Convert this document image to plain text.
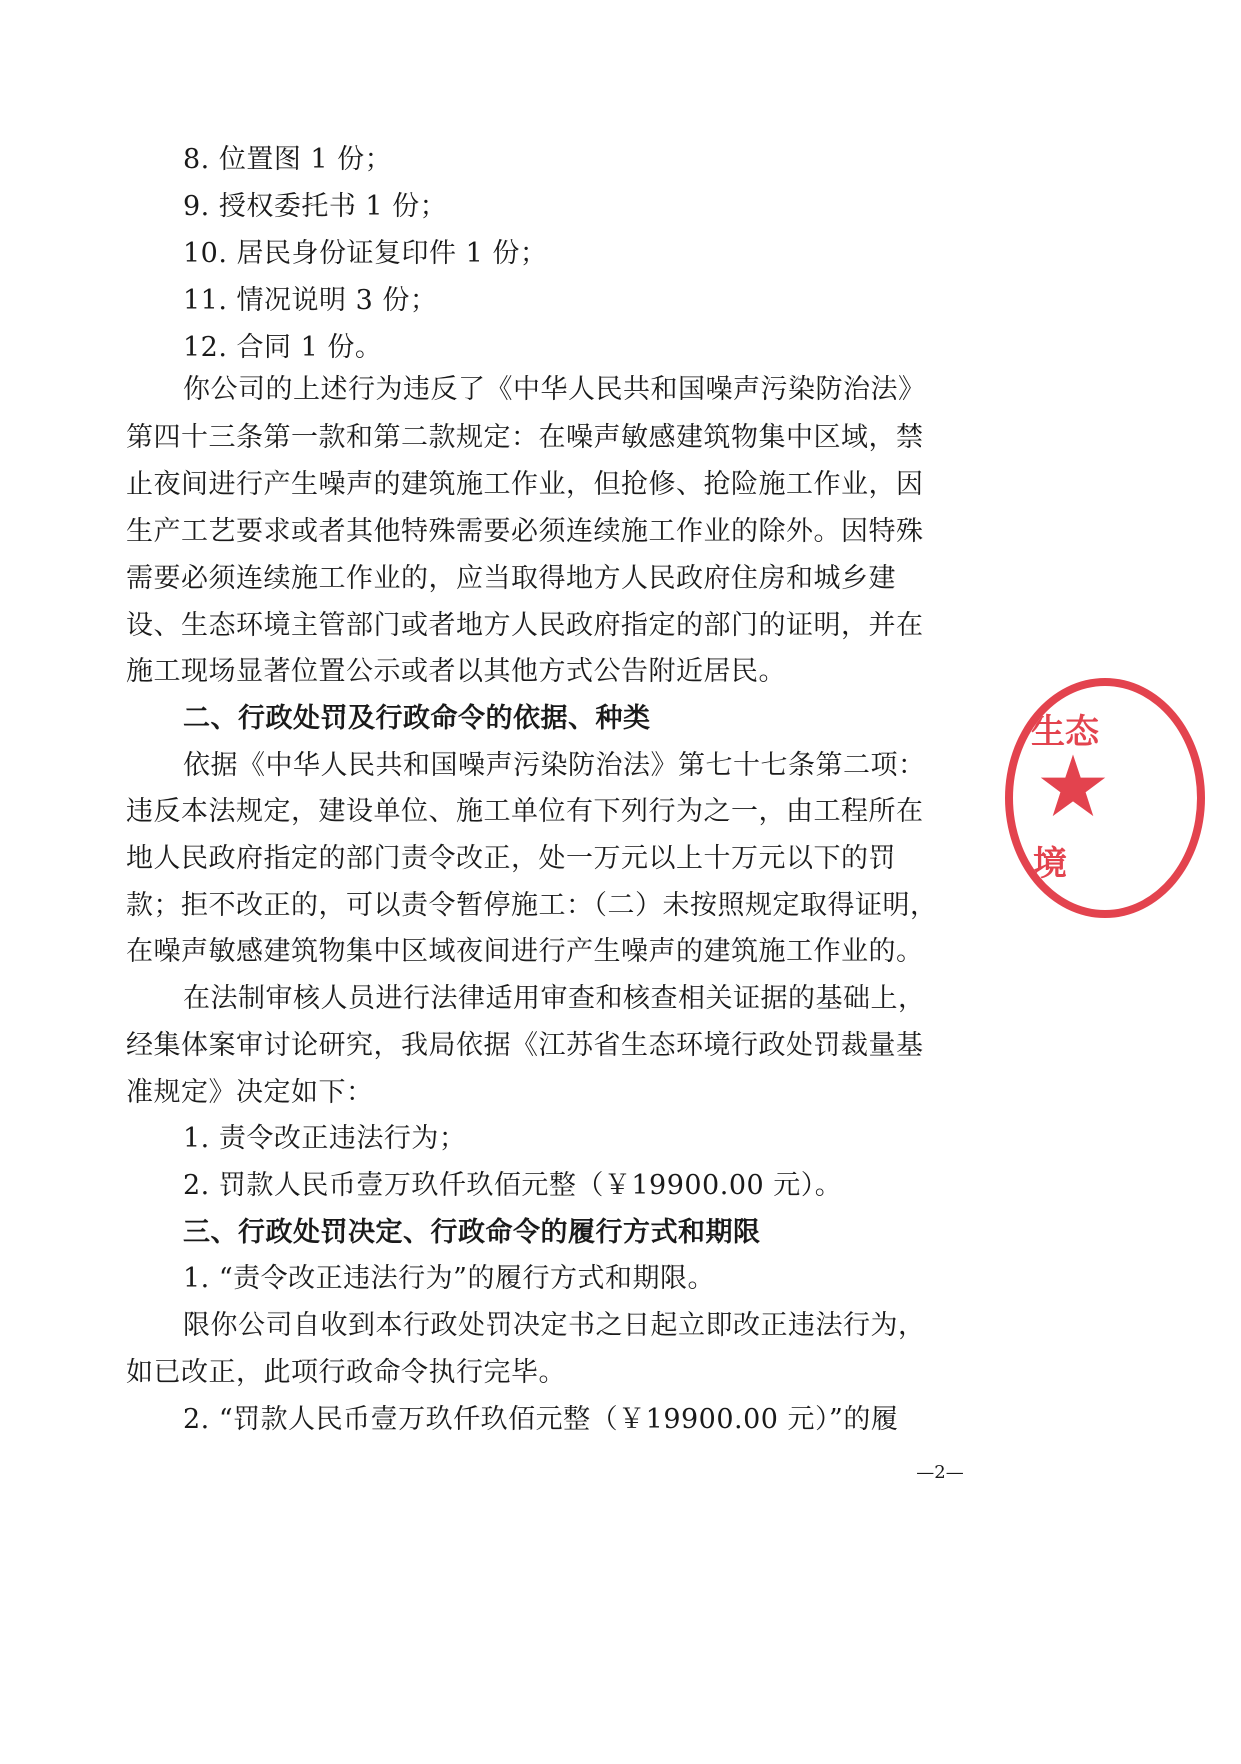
8. 位置图 1 份；
9. 授权委托书 1 份；
10. 居民身份证复印件 1 份；
11. 情况说明 3 份；
12. 合同 1 份。
你公司的上述行为违反了《中华人民共和国噪声污染防治法》
第四十三条第一款和第二款规定：在噪声敏感建筑物集中区域，禁
止夜间进行产生噪声的建筑施工作业，但抢修、抢险施工作业，因
生产工艺要求或者其他特殊需要必须连续施工作业的除外。因特殊
需要必须连续施工作业的，应当取得地方人民政府住房和城乡建
设、生态环境主管部门或者地方人民政府指定的部门的证明，并在
施工现场显著位置公示或者以其他方式公告附近居民。
二、行政处罚及行政命令的依据、种类
依据《中华人民共和国噪声污染防治法》第七十七条第二项：
违反本法规定，建设单位、施工单位有下列行为之一，由工程所在
地人民政府指定的部门责令改正，处一万元以上十万元以下的罚
款；拒不改正的，可以责令暂停施工：（二）未按照规定取得证明，
在噪声敏感建筑物集中区域夜间进行产生噪声的建筑施工作业的。
在法制审核人员进行法律适用审查和核查相关证据的基础上，
经集体案审讨论研究，我局依据《江苏省生态环境行政处罚裁量基
准规定》决定如下：
1. 责令改正违法行为；
2. 罚款人民币壹万玖仟玖佰元整（￥19900.00 元）。
三、行政处罚决定、行政命令的履行方式和期限
1. “责令改正违法行为”的履行方式和期限。
限你公司自收到本行政处罚决定书之日起立即改正违法行为，
如已改正，此项行政命令执行完毕。
2. “罚款人民币壹万玖仟玖佰元整（￥19900.00 元）”的履
生态
境
—2—
